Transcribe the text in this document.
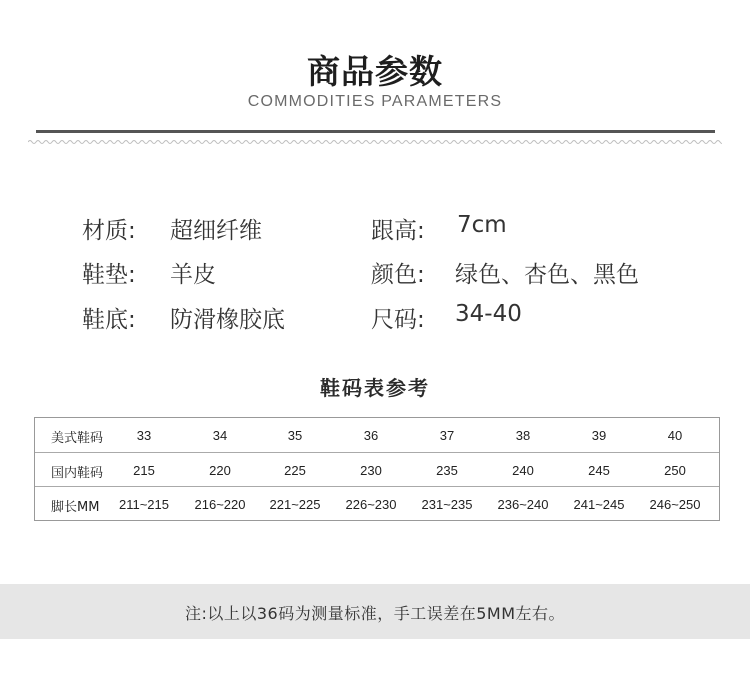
商品参数
COMMODITIES PARAMETERS
材质: 超细纤维	跟高: 7cm
鞋垫: 羊皮	颜色: 绿色、杏色、黑色
鞋底: 防滑橡胶底	尺码: 34-40
鞋码表参考
美式鞋码	33	34	35	36	37	38	39	40
国内鞋码	215	220	225	230	235	240	245	250
脚长MM	211~215	216~220	221~225	226~230	231~235	236~240	241~245	246~250
注:以上以36码为测量标准，手工误差在5MM左右。
